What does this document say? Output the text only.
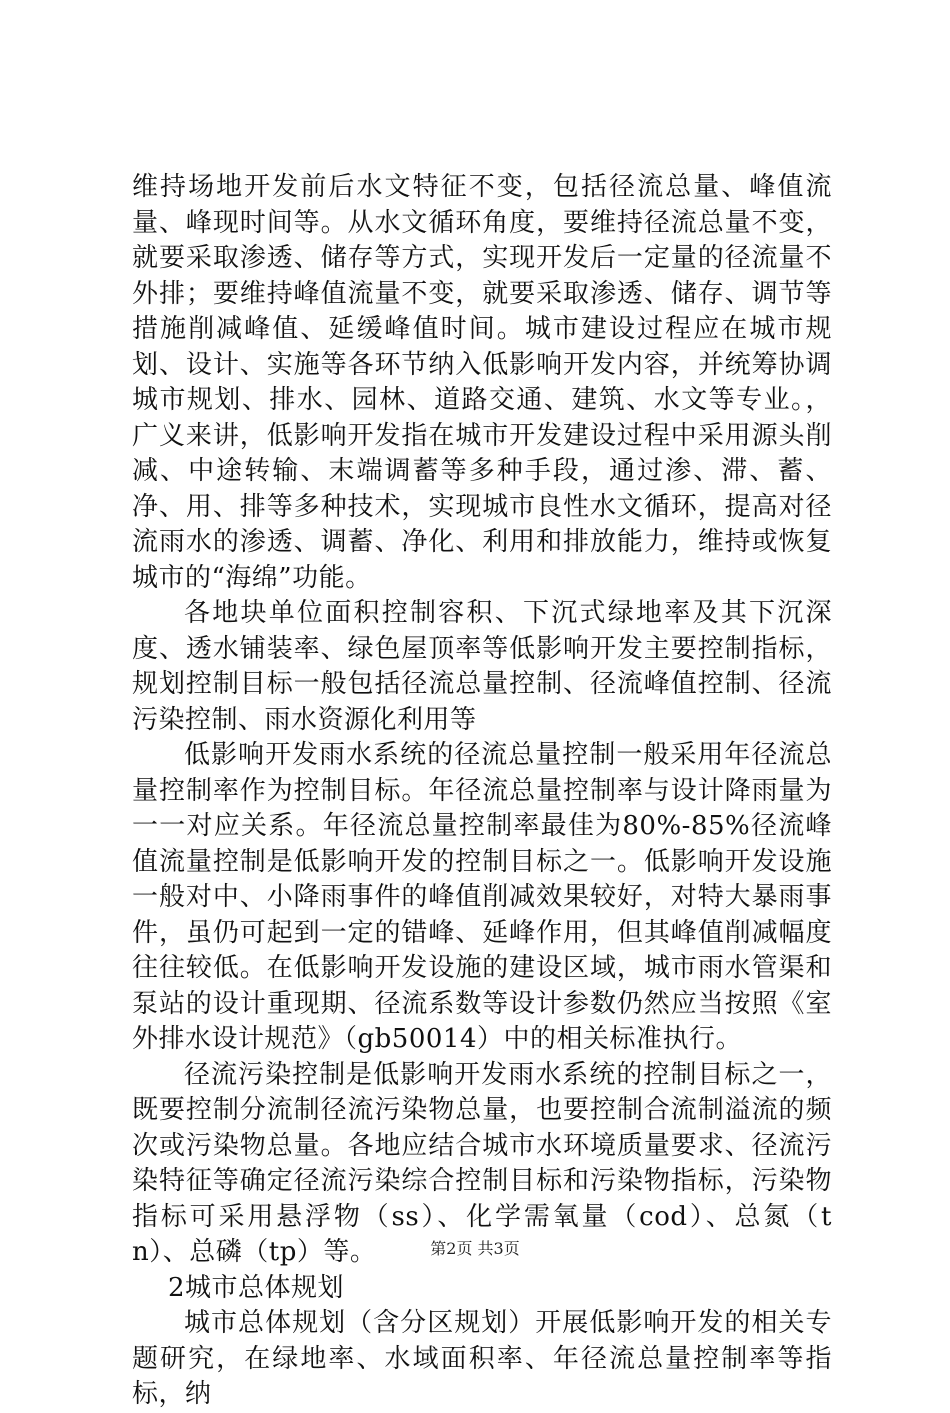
维持场地开发前后水文特征不变，包括径流总量、峰值流量、峰现时间等。从水文循环角度，要维持径流总量不变，就要采取渗透、储存等方式，实现开发后一定量的径流量不外排；要维持峰值流量不变，就要采取渗透、储存、调节等措施削减峰值、延缓峰值时间。城市建设过程应在城市规划、设计、实施等各环节纳入低影响开发内容，并统筹协调城市规划、排水、园林、道路交通、建筑、水文等专业。，广义来讲，低影响开发指在城市开发建设过程中采用源头削减、中途转输、末端调蓄等多种手段，通过渗、滞、蓄、净、用、排等多种技术，实现城市良性水文循环，提高对径流雨水的渗透、调蓄、净化、利用和排放能力，维持或恢复城市的“海绵”功能。

各地块单位面积控制容积、下沉式绿地率及其下沉深度、透水铺装率、绿色屋顶率等低影响开发主要控制指标，规划控制目标一般包括径流总量控制、径流峰值控制、径流污染控制、雨水资源化利用等

低影响开发雨水系统的径流总量控制一般采用年径流总量控制率作为控制目标。年径流总量控制率与设计降雨量为一一对应关系。年径流总量控制率最佳为80%-85%径流峰值流量控制是低影响开发的控制目标之一。低影响开发设施一般对中、小降雨事件的峰值削减效果较好，对特大暴雨事件，虽仍可起到一定的错峰、延峰作用，但其峰值削减幅度往往较低。在低影响开发设施的建设区域，城市雨水管渠和泵站的设计重现期、径流系数等设计参数仍然应当按照《室外排水设计规范》（gb50014）中的相关标准执行。

径流污染控制是低影响开发雨水系统的控制目标之一，既要控制分流制径流污染物总量，也要控制合流制溢流的频次或污染物总量。各地应结合城市水环境质量要求、径流污染特征等确定径流污染综合控制目标和污染物指标，污染物指标可采用悬浮物（ss）、化学需氧量（cod）、总氮（tn）、总磷（tp）等。

2城市总体规划

城市总体规划（含分区规划）开展低影响开发的相关专题研究，在绿地率、水域面积率、年径流总量控制率等指标，纳

第2页 共3页
